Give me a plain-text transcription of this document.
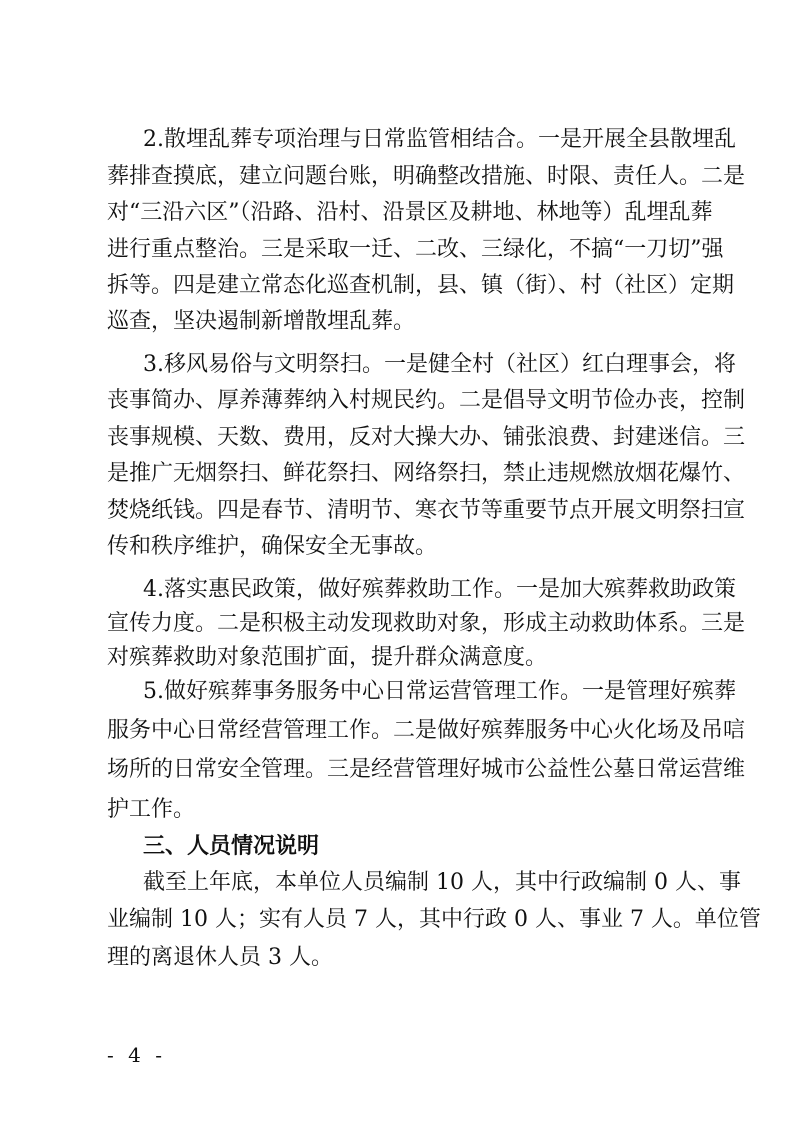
2.散埋乱葬专项治理与日常监管相结合。一是开展全县散埋乱
葬排查摸底，建立问题台账，明确整改措施、时限、责任人。二是
对“三沿六区”（沿路、沿村、沿景区及耕地、林地等）乱埋乱葬
进行重点整治。三是采取一迁、二改、三绿化，不搞“一刀切”强
拆等。四是建立常态化巡查机制，县、镇（街）、村（社区）定期
巡查，坚决遏制新增散埋乱葬。
3.移风易俗与文明祭扫。一是健全村（社区）红白理事会，将
丧事简办、厚养薄葬纳入村规民约。二是倡导文明节俭办丧，控制
丧事规模、天数、费用，反对大操大办、铺张浪费、封建迷信。三
是推广无烟祭扫、鲜花祭扫、网络祭扫，禁止违规燃放烟花爆竹、
焚烧纸钱。四是春节、清明节、寒衣节等重要节点开展文明祭扫宣
传和秩序维护，确保安全无事故。
4.落实惠民政策，做好殡葬救助工作。一是加大殡葬救助政策
宣传力度。二是积极主动发现救助对象，形成主动救助体系。三是
对殡葬救助对象范围扩面，提升群众满意度。
5.做好殡葬事务服务中心日常运营管理工作。一是管理好殡葬
服务中心日常经营管理工作。二是做好殡葬服务中心火化场及吊唁
场所的日常安全管理。三是经营管理好城市公益性公墓日常运营维
护工作。
三、人员情况说明
截至上年底，本单位人员编制 10 人，其中行政编制 0 人、事
业编制 10 人；实有人员 7 人，其中行政 0 人、事业 7 人。单位管
理的离退休人员 3 人。
- 4 -
